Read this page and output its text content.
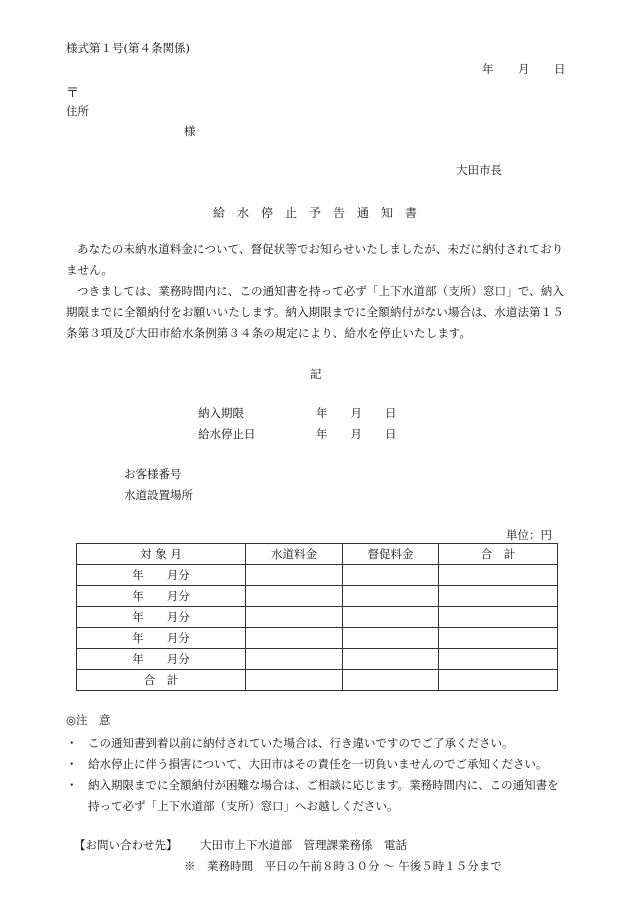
様式第１号(第４条関係)
年　　月　　日
〒
住所
様
大田市長
給　水　停　止　予　告　通　知　書

あなたの未納水道料金について、督促状等でお知らせいたしましたが、未だに納付されておりません。

つきましては、業務時間内に、この通知書を持って必ず「上下水道部（支所）窓口」で、納入期限までに全額納付をお願いいたします。納入期限までに全額納付がない場合は、水道法第１５条第３項及び大田市給水条例第３４条の規定により、給水を停止いたします。

記
納入期限	年　　月　　日
給水停止日	年　　月　　日
お客様番号
水道設置場所
単位：円
対 象 月	水道料金	督促料金	合　計
年　　月分			
年　　月分			
年　　月分			
年　　月分			
年　　月分			
合　計			
◎注　意
・ この通知書到着以前に納付されていた場合は、行き違いですのでご了承ください。
・ 給水停止に伴う損害について、大田市はその責任を一切負いませんのでご承知ください。
・ 納入期限までに全額納付が困難な場合は、ご相談に応じます。業務時間内に、この通知書を持って必ず「上下水道部（支所）窓口」へお越しください。
【お問い合わせ先】 大田市上下水道部　管理課業務係　電話
※　業務時間　平日の午前８時３０分 〜 午後５時１５分まで
